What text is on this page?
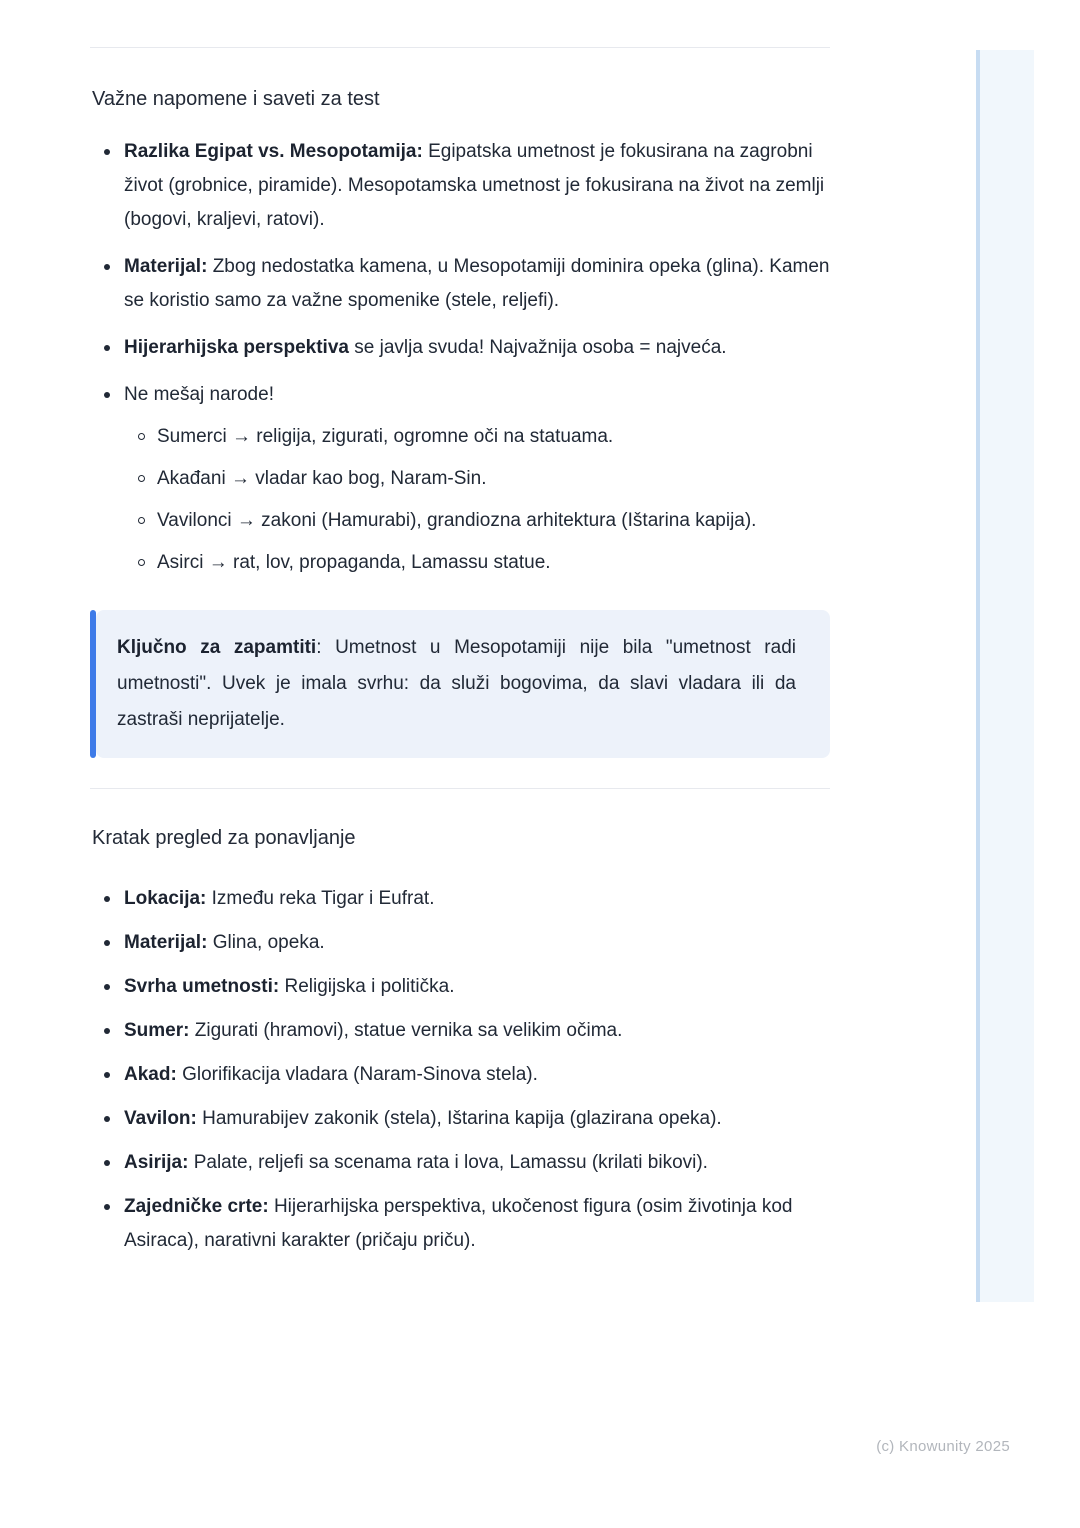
Važne napomene i saveti za test
Razlika Egipat vs. Mesopotamija: Egipatska umetnost je fokusirana na zagrobni život (grobnice, piramide). Mesopotamska umetnost je fokusirana na život na zemlji (bogovi, kraljevi, ratovi).
Materijal: Zbog nedostatka kamena, u Mesopotamiji dominira opeka (glina). Kamen se koristio samo za važne spomenike (stele, reljefi).
Hijerarhijska perspektiva se javlja svuda! Najvažnija osoba = najveća.
Ne mešaj narode!
Sumerci → religija, zigurati, ogromne oči na statuama.
Akađani → vladar kao bog, Naram-Sin.
Vavilonci → zakoni (Hamurabi), grandiozna arhitektura (Ištarina kapija).
Asirci → rat, lov, propaganda, Lamassu statue.
Ključno za zapamtiti: Umetnost u Mesopotamiji nije bila "umetnost radi umetnosti". Uvek je imala svrhu: da služi bogovima, da slavi vladara ili da zastraši neprijatelje.
Kratak pregled za ponavljanje
Lokacija: Između reka Tigar i Eufrat.
Materijal: Glina, opeka.
Svrha umetnosti: Religijska i politička.
Sumer: Zigurati (hramovi), statue vernika sa velikim očima.
Akad: Glorifikacija vladara (Naram-Sinova stela).
Vavilon: Hamurabijev zakonik (stela), Ištarina kapija (glazirana opeka).
Asirija: Palate, reljefi sa scenama rata i lova, Lamassu (krilati bikovi).
Zajedničke crte: Hijerarhijska perspektiva, ukočenost figura (osim životinja kod Asiraca), narativni karakter (pričaju priču).
(c) Knowunity 2025
